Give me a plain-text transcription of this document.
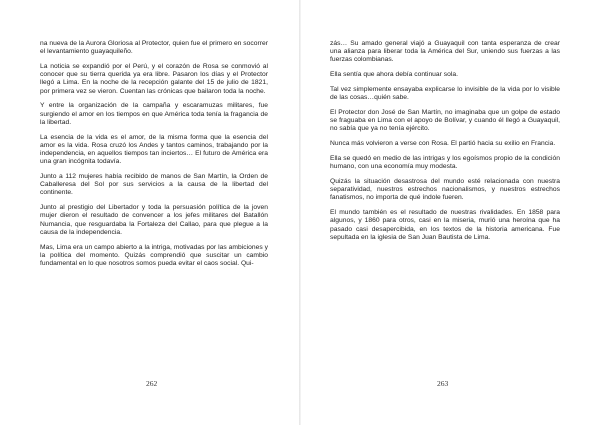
na nueva de la Aurora Gloriosa al Protector, quien fue el primero en socorrer el levantamiento guayaquileño.

La noticia se expandió por el Perú, y el corazón de Rosa se conmovió al conocer que su tierra querida ya era libre. Pasaron los días y el Protector llegó a Lima. En la noche de la recepción galante del 15 de julio de 1821, por primera vez se vieron. Cuentan las crónicas que bailaron toda la noche.

Y entre la organización de la campaña y escaramuzas militares, fue surgiendo el amor en los tiempos en que América toda tenía la fragancia de la libertad.

La esencia de la vida es el amor, de la misma forma que la esencia del amor es la vida. Rosa cruzó los Andes y tantos caminos, trabajando por la independencia, en aquellos tiempos tan inciertos… El futuro de América era una gran incógnita todavía.

Junto a 112 mujeres había recibido de manos de San Martín, la Orden de Caballeresa del Sol por sus servicios a la causa de la libertad del continente.

Junto al prestigio del Libertador y toda la persuasión política de la joven mujer dieron el resultado de convencer a los jefes militares del Batallón Numancia, que resguardaba la Fortaleza del Callao, para que plegue a la causa de la independencia.

Mas, Lima era un campo abierto a la intriga, motivadas por las ambiciones y la política del momento. Quizás comprendió que suscitar un cambio fundamental en lo que nosotros somos pueda evitar el caos social. Qui-

262

zás… Su amado general viajó a Guayaquil con tanta esperanza de crear una alianza para liberar toda la América del Sur, uniendo sus fuerzas a las fuerzas colombianas.

Ella sentía que ahora debía continuar sola.

Tal vez simplemente ensayaba explicarse lo invisible de la vida por lo visible de las cosas…quién sabe.

El Protector don José de San Martín, no imaginaba que un golpe de estado se fraguaba en Lima con el apoyo de Bolívar, y cuando él llegó a Guayaquil, no sabía que ya no tenía ejército.

Nunca más volvieron a verse con Rosa. El partió hacia su exilio en Francia.

Ella se quedó en medio de las intrigas y los egoísmos propio de la condición humano, con una economía muy modesta.

Quizás la situación desastrosa del mundo esté relacionada con nuestra separatividad, nuestros estrechos nacionalismos, y nuestros estrechos fanatismos, no importa de qué índole fueren.

El mundo también es el resultado de nuestras rivalidades. En 1858 para algunos, y 1860 para otros, casi en la miseria, murió una heroína que ha pasado casi desapercibida, en los textos de la historia americana. Fue sepultada en la iglesia de San Juan Bautista de Lima.

263
